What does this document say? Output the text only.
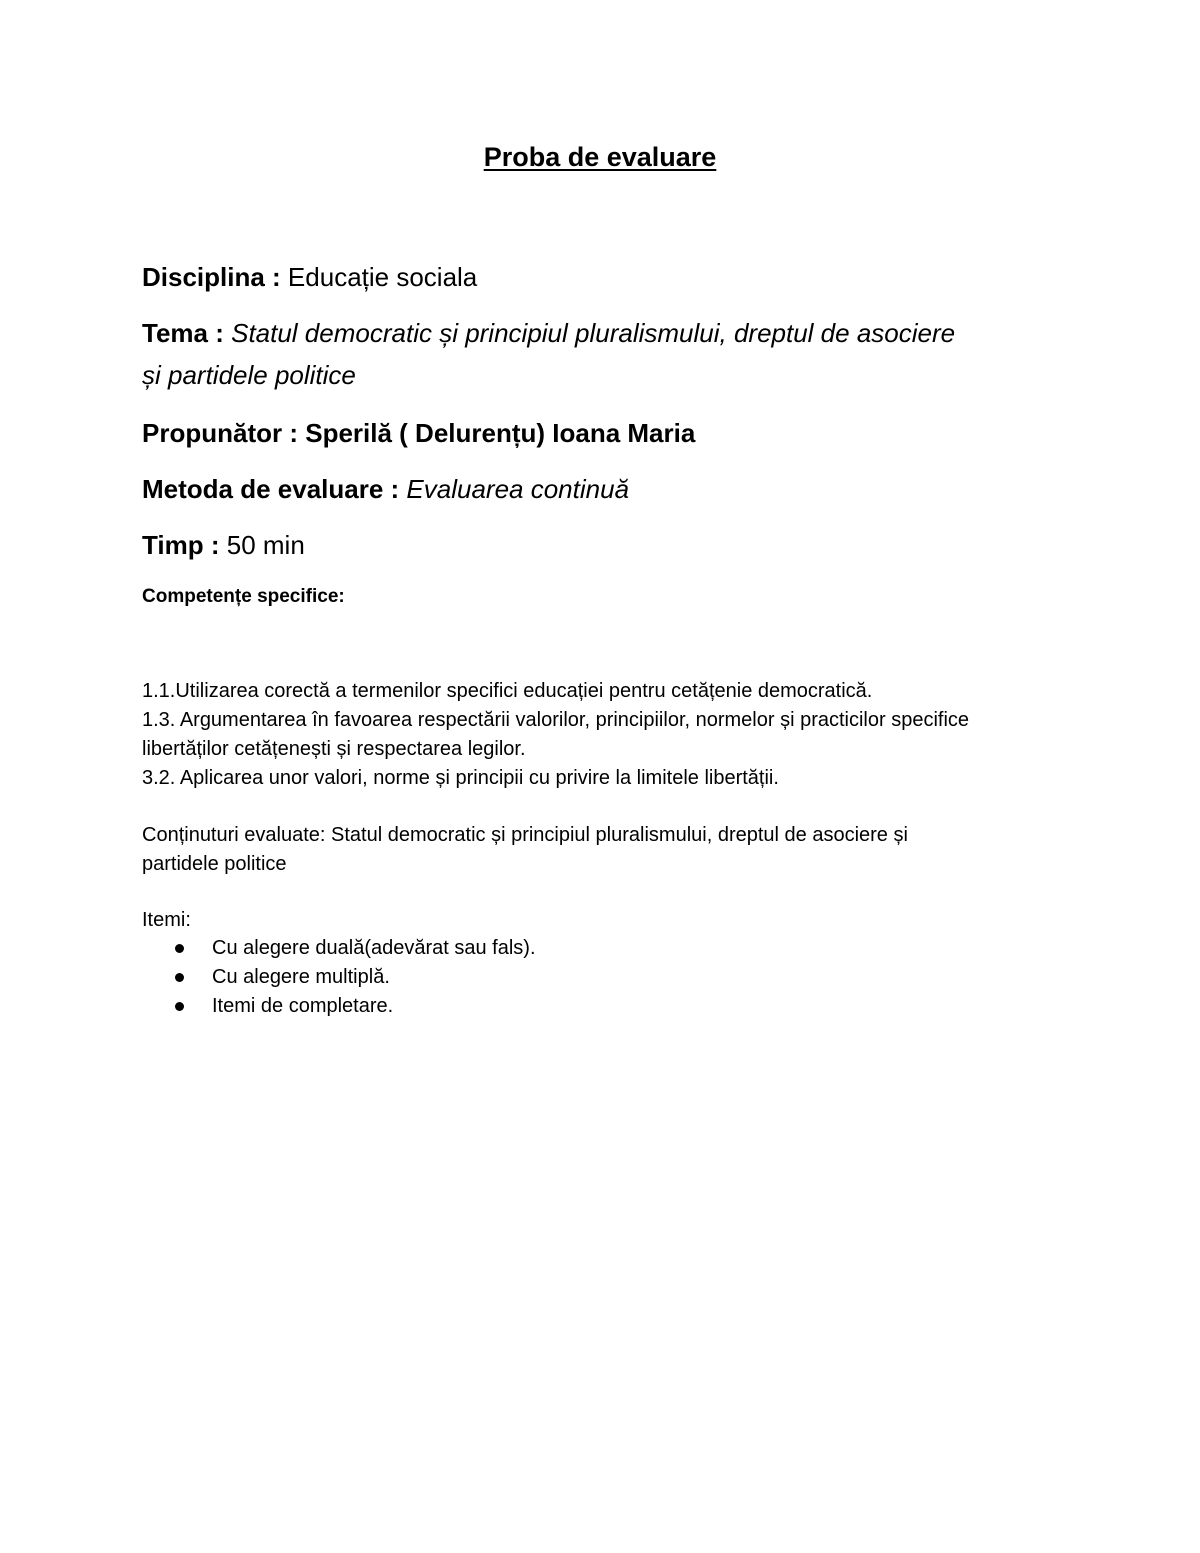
Proba de evaluare
Disciplina : Educație sociala
Tema : Statul democratic și principiul pluralismului, dreptul de asociere
și partidele politice
Propunător : Sperilă ( Delurențu) Ioana Maria
Metoda de evaluare : Evaluarea continuă
Timp : 50 min
Competențe specifice:
1.1.Utilizarea corectă a termenilor specifici educației pentru cetățenie democratică.
1.3. Argumentarea în favoarea respectării valorilor, principiilor, normelor și practicilor specifice
libertăților cetățenești și respectarea legilor.
3.2. Aplicarea unor valori, norme și principii cu privire la limitele libertății.
Conținuturi evaluate: Statul democratic și principiul pluralismului, dreptul de asociere și
partidele politice
Itemi:
Cu alegere duală(adevărat sau fals).
Cu alegere multiplă.
Itemi de completare.
